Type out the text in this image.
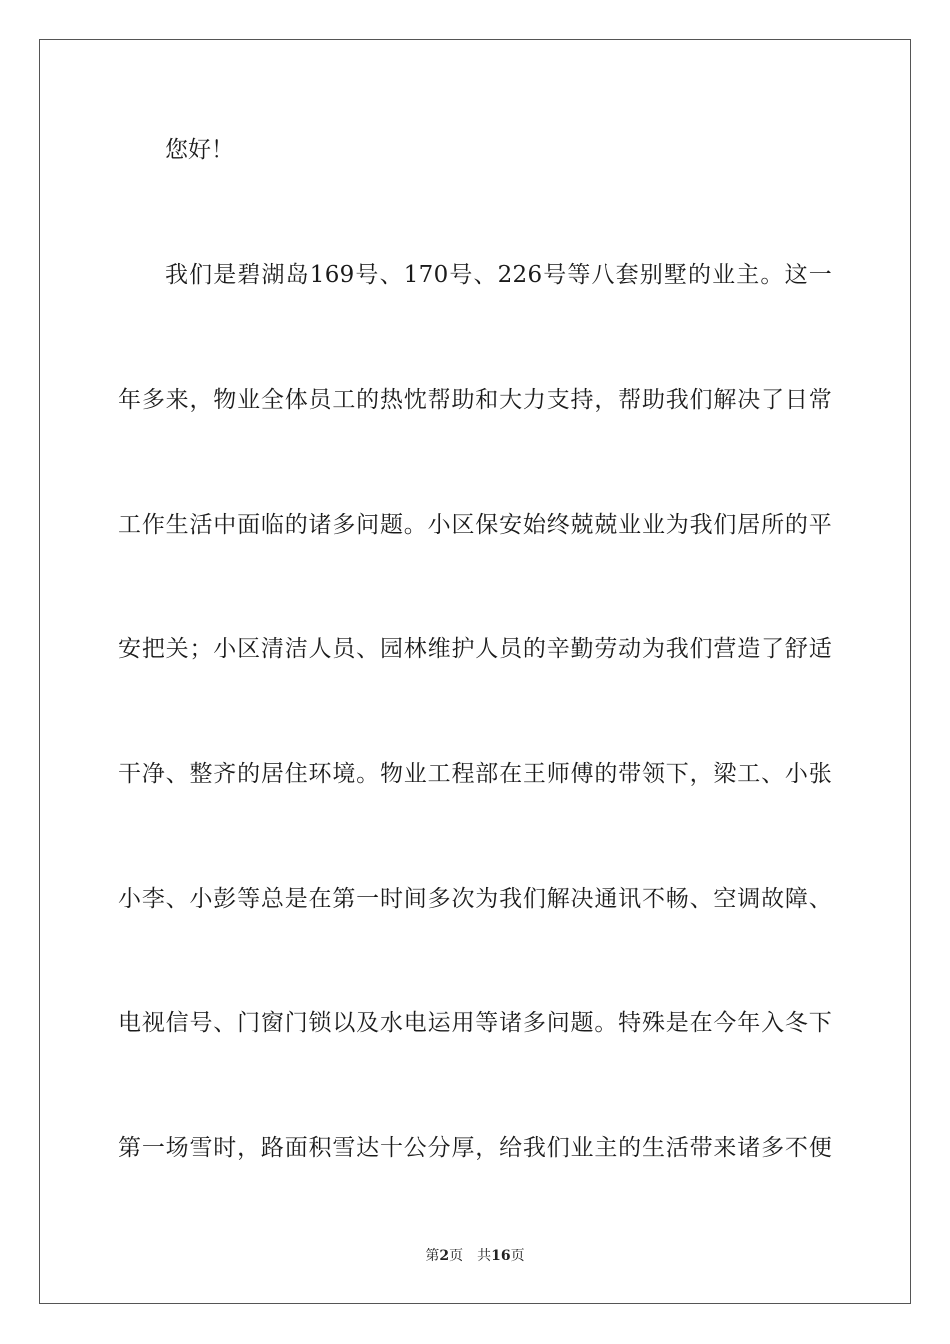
您好！
我们是碧湖岛169号、170号、226号等八套别墅的业主。这一
年多来，物业全体员工的热忱帮助和大力支持，帮助我们解决了日常
工作生活中面临的诸多问题。小区保安始终兢兢业业为我们居所的平
安把关；小区清洁人员、园林维护人员的辛勤劳动为我们营造了舒适
干净、整齐的居住环境。物业工程部在王师傅的带领下，梁工、小张
小李、小彭等总是在第一时间多次为我们解决通讯不畅、空调故障、
电视信号、门窗门锁以及水电运用等诸多问题。特殊是在今年入冬下
第一场雪时，路面积雪达十公分厚，给我们业主的生活带来诸多不便
第2页 共16页
